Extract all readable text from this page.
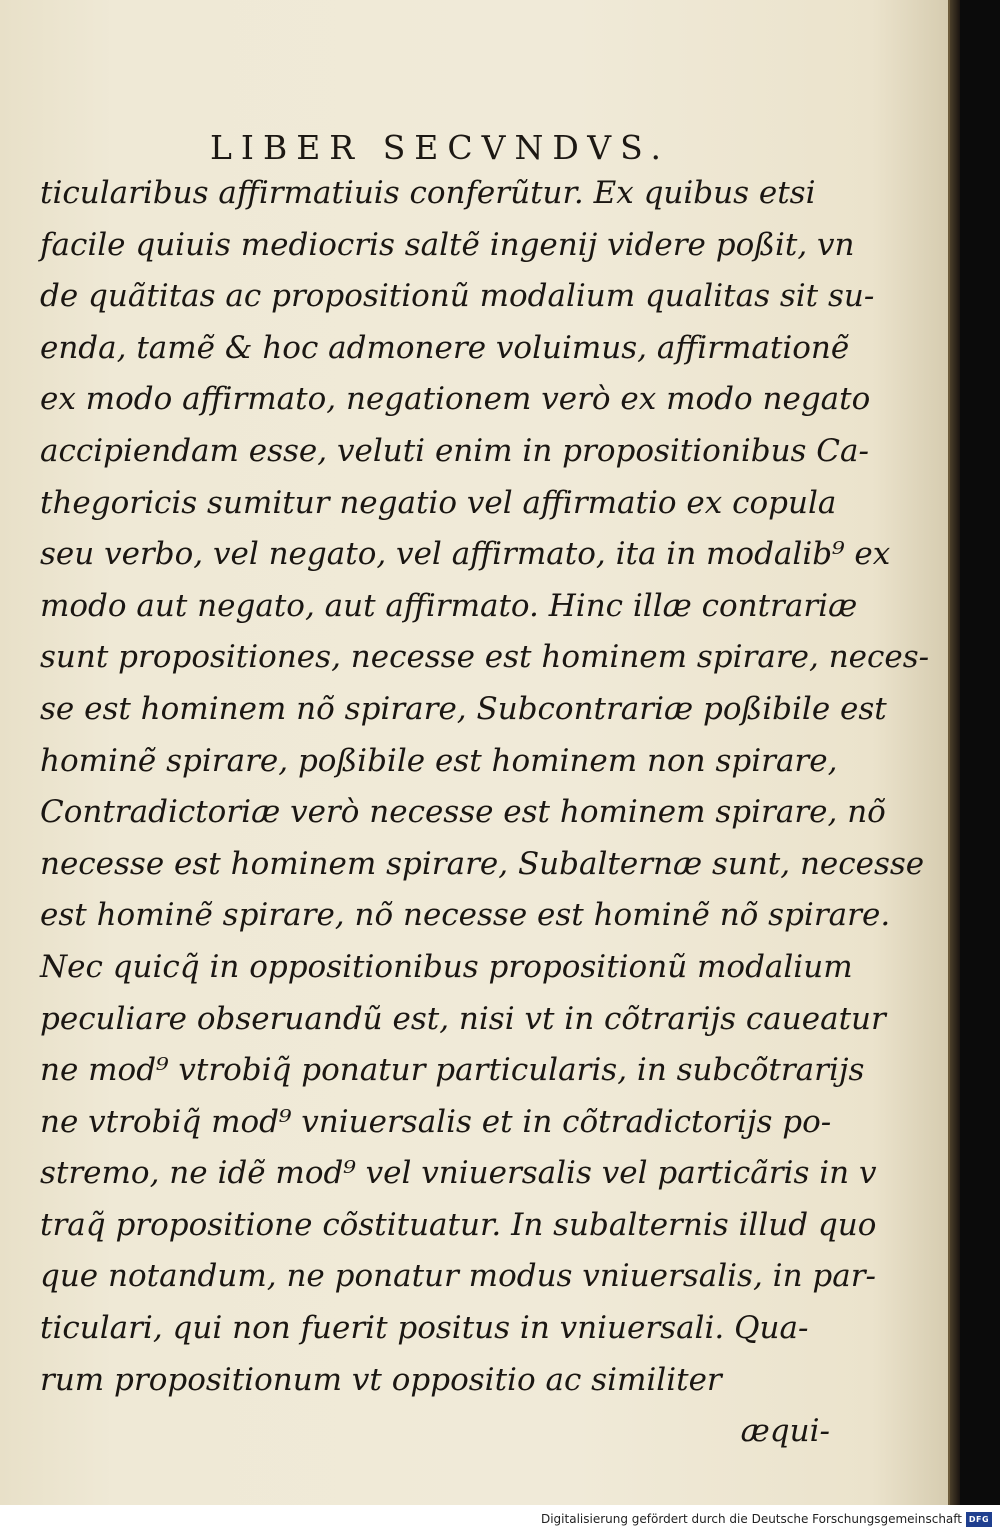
LIBER SECVNDVS.
ticularibus affirmatiuis conferũtur. Ex quibus etsi
facile quiuis mediocris saltẽ ingenij videre poßit, vn
de quãtitas ac propositionũ modalium qualitas sit su-
enda, tamẽ & hoc admonere voluimus, affirmationẽ
ex modo affirmato, negationem verò ex modo negato
accipiendam esse, veluti enim in propositionibus Ca-
thegoricis sumitur negatio vel affirmatio ex copula
seu verbo, vel negato, vel affirmato, ita in modalib⁹ ex
modo aut negato, aut affirmato. Hinc illæ contrariæ
sunt propositiones, necesse est hominem spirare, neces-
se est hominem nõ spirare, Subcontrariæ poßibile est
hominẽ spirare, poßibile est hominem non spirare,
Contradictoriæ verò necesse est hominem spirare, nõ
necesse est hominem spirare, Subalternæ sunt, necesse
est hominẽ spirare, nõ necesse est hominẽ nõ spirare.
Nec quicq̃ in oppositionibus propositionũ modalium
peculiare obseruandũ est, nisi vt in cõtrarijs caueatur
ne mod⁹ vtrobiq̃ ponatur particularis, in subcõtrarijs
ne vtrobiq̃ mod⁹ vniuersalis et in cõtradictorijs po-
stremo, ne idẽ mod⁹ vel vniuersalis vel particãris in v
traq̃ propositione cõstituatur. In subalternis illud quo
que notandum, ne ponatur modus vniuersalis, in par-
ticulari, qui non fuerit positus in vniuersali. Qua-
rum propositionum vt oppositio ac similiter
æqui-
Digitalisierung gefördert durch die Deutsche Forschungsgemeinschaft DFG
